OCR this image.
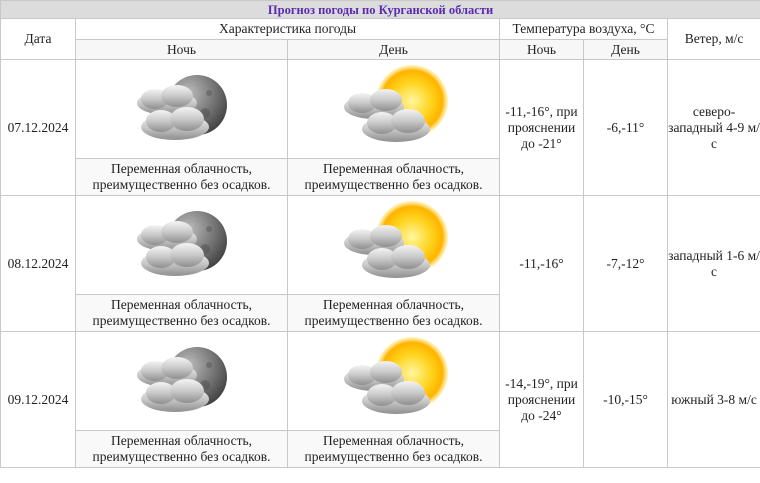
Прогноз погоды по Курганской области					
Дата	Характеристика погоды		Температура воздуха, °C		Ветер, м/с
	Ночь	День	Ночь	День	
07.12.2024			-11,-16°, при прояснении до -21°	-6,-11°	северо-западный 4-9 м/с
	Переменная облачность, преимущественно без осадков.	Переменная облачность, преимущественно без осадков.			
08.12.2024			-11,-16°	-7,-12°	западный 1-6 м/с
	Переменная облачность, преимущественно без осадков.	Переменная облачность, преимущественно без осадков.			
09.12.2024			-14,-19°, при прояснении до -24°	-10,-15°	южный 3-8 м/с
	Переменная облачность, преимущественно без осадков.	Переменная облачность, преимущественно без осадков.			
